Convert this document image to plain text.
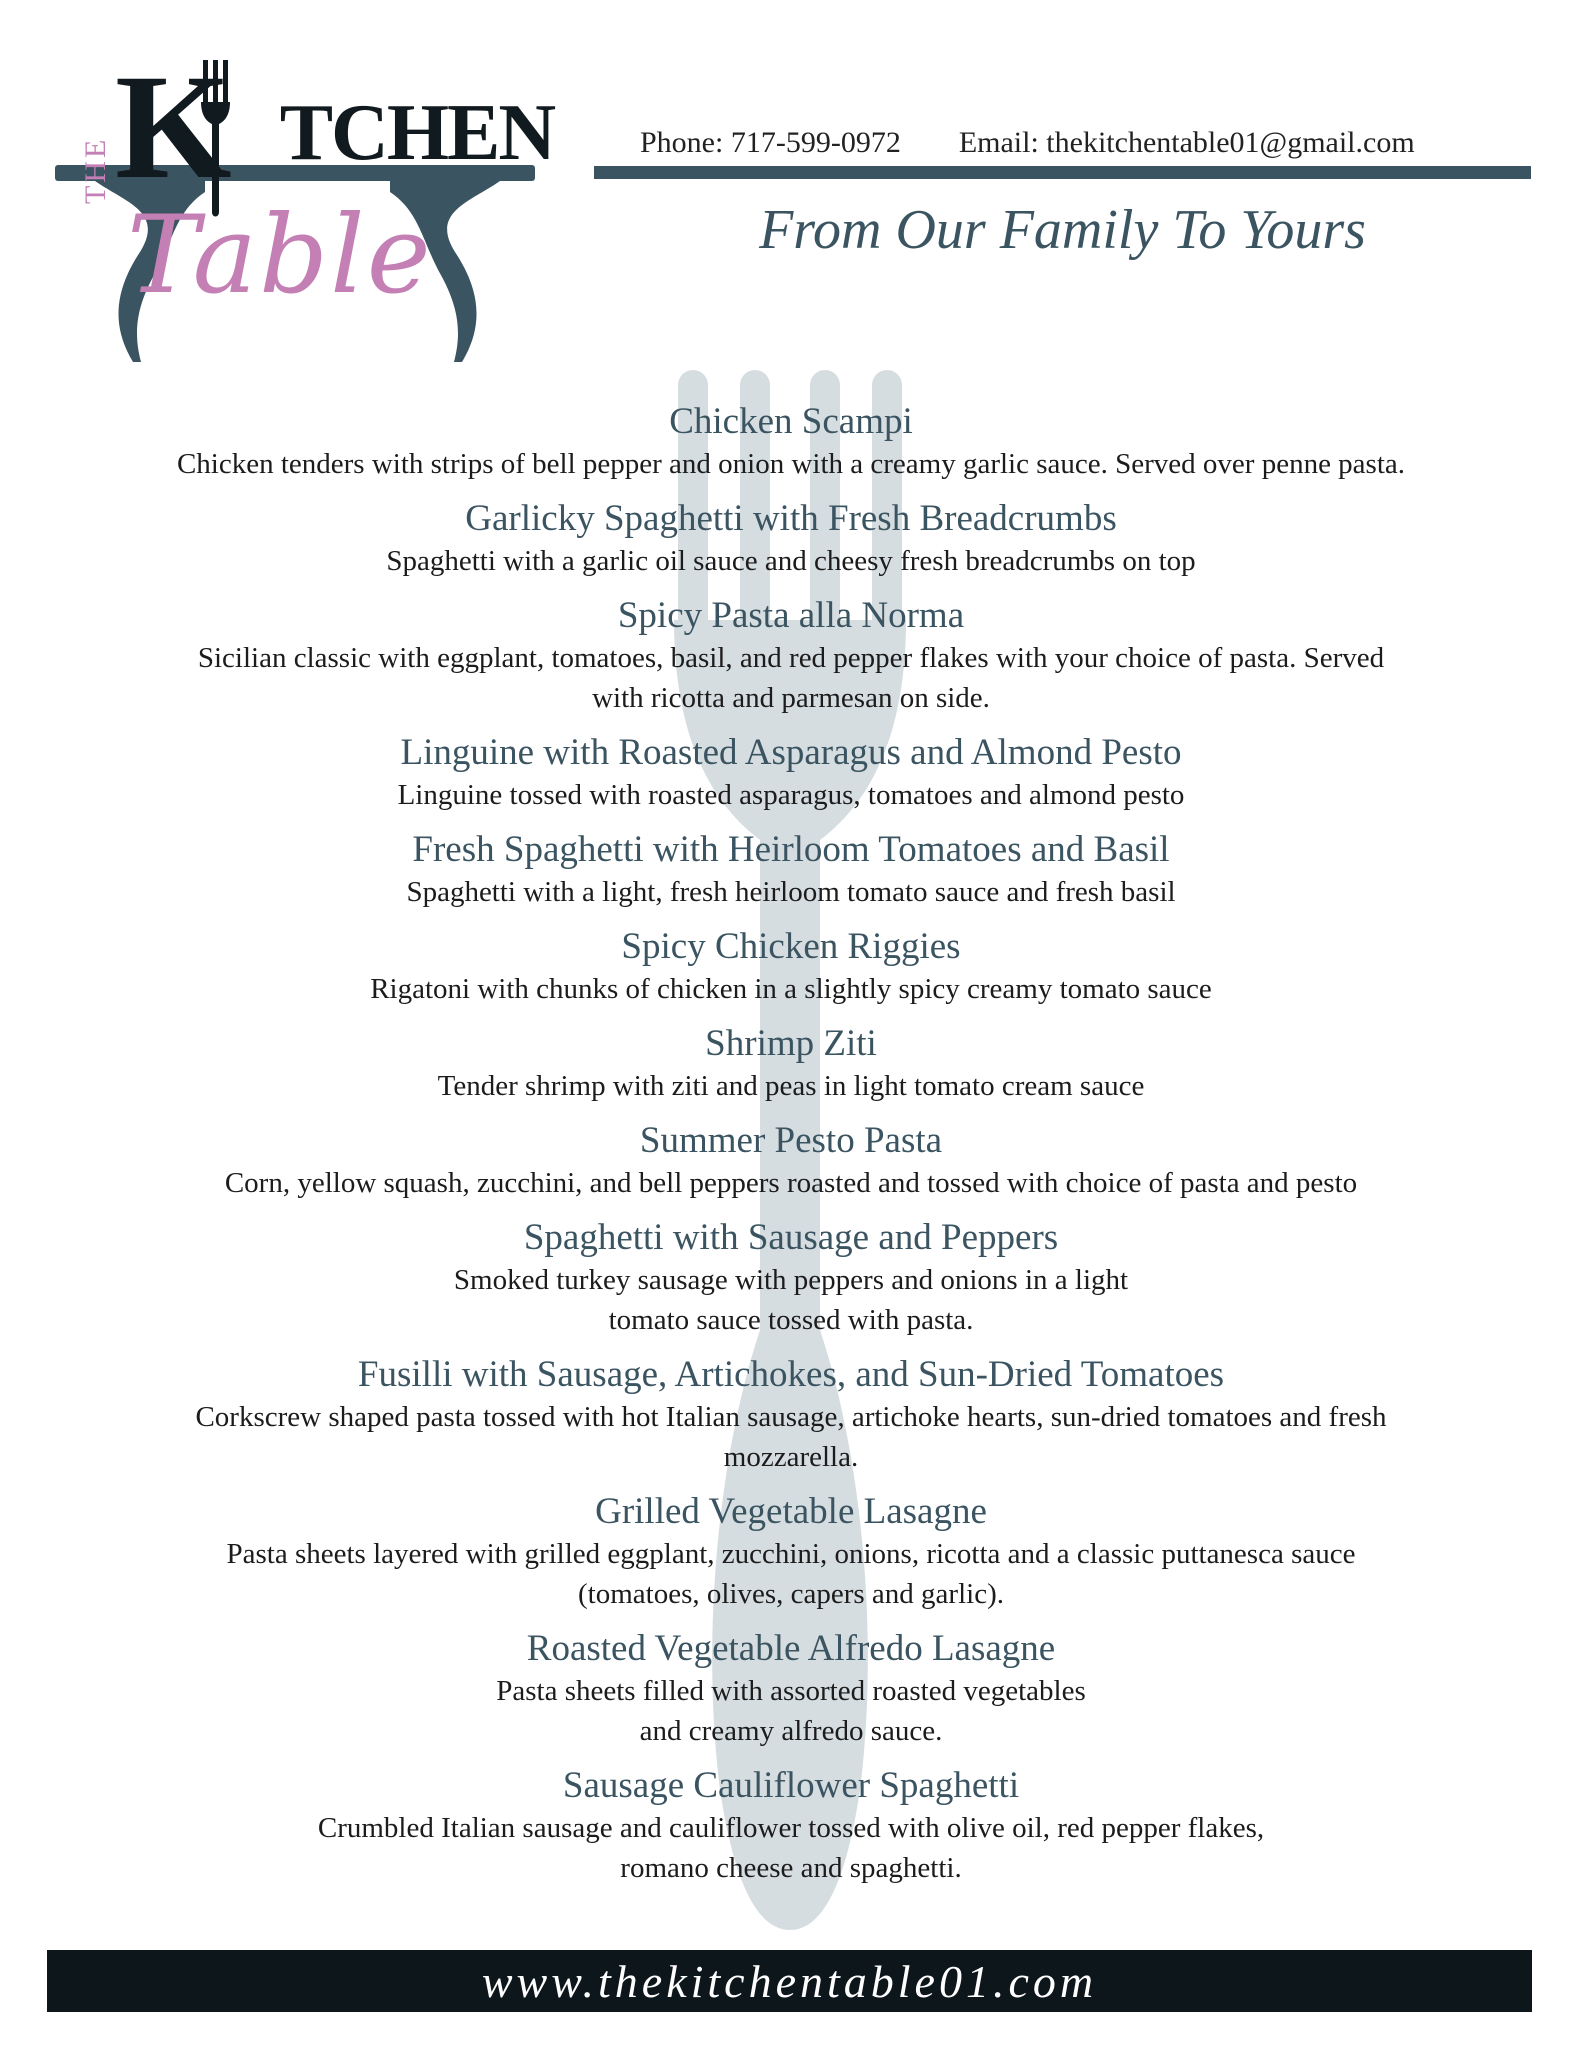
THE KTCHEN
Table
Phone: 717-599-0972 Email: thekitchentable01@gmail.com
From Our Family To Yours
Chicken Scampi
Chicken tenders with strips of bell pepper and onion with a creamy garlic sauce. Served over penne pasta.
Garlicky Spaghetti with Fresh Breadcrumbs
Spaghetti with a garlic oil sauce and cheesy fresh breadcrumbs on top
Spicy Pasta alla Norma
Sicilian classic with eggplant, tomatoes, basil, and red pepper flakes with your choice of pasta. Served
with ricotta and parmesan on side.
Linguine with Roasted Asparagus and Almond Pesto
Linguine tossed with roasted asparagus, tomatoes and almond pesto
Fresh Spaghetti with Heirloom Tomatoes and Basil
Spaghetti with a light, fresh heirloom tomato sauce and fresh basil
Spicy Chicken Riggies
Rigatoni with chunks of chicken in a slightly spicy creamy tomato sauce
Shrimp Ziti
Tender shrimp with ziti and peas in light tomato cream sauce
Summer Pesto Pasta
Corn, yellow squash, zucchini, and bell peppers roasted and tossed with choice of pasta and pesto
Spaghetti with Sausage and Peppers
Smoked turkey sausage with peppers and onions in a light
tomato sauce tossed with pasta.
Fusilli with Sausage, Artichokes, and Sun-Dried Tomatoes
Corkscrew shaped pasta tossed with hot Italian sausage, artichoke hearts, sun-dried tomatoes and fresh
mozzarella.
Grilled Vegetable Lasagne
Pasta sheets layered with grilled eggplant, zucchini, onions, ricotta and a classic puttanesca sauce
(tomatoes, olives, capers and garlic).
Roasted Vegetable Alfredo Lasagne
Pasta sheets filled with assorted roasted vegetables
and creamy alfredo sauce.
Sausage Cauliflower Spaghetti
Crumbled Italian sausage and cauliflower tossed with olive oil, red pepper flakes,
romano cheese and spaghetti.
www.thekitchentable01.com
